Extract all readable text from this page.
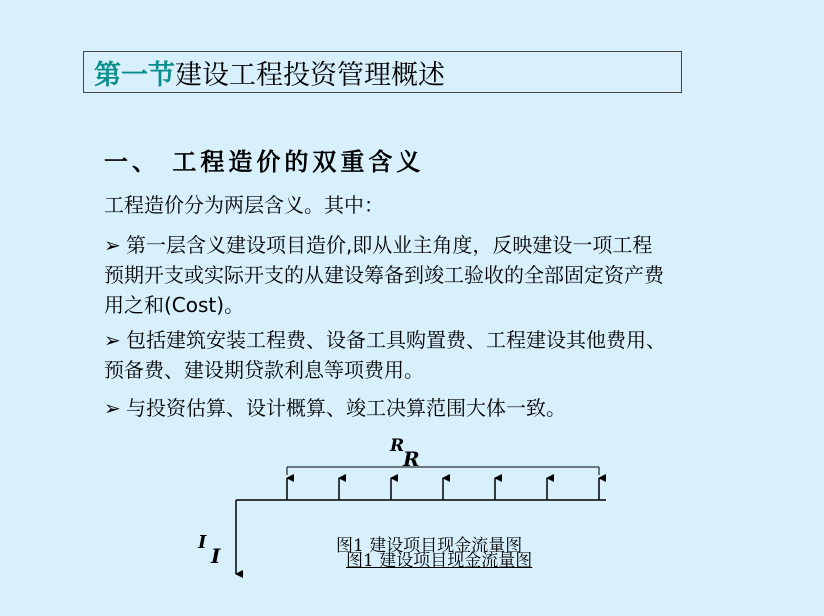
第一节 建设工程投资管理概述
一、 工程造价的双重含义
工程造价分为两层含义。其中：
➢ 第一层含义建设项目造价,即从业主角度，反映建设一项工程
预期开支或实际开支的从建设筹备到竣工验收的全部固定资产费
用之和(Cost)。
➢ 包括建筑安装工程费、设备工具购置费、工程建设其他费用、
预备费、建设期贷款利息等项费用。
➢ 与投资估算、设计概算、竣工决算范围大体一致。
R
R
I
I	图1 建设项目现金流量图
图1 建设项目现金流量图
